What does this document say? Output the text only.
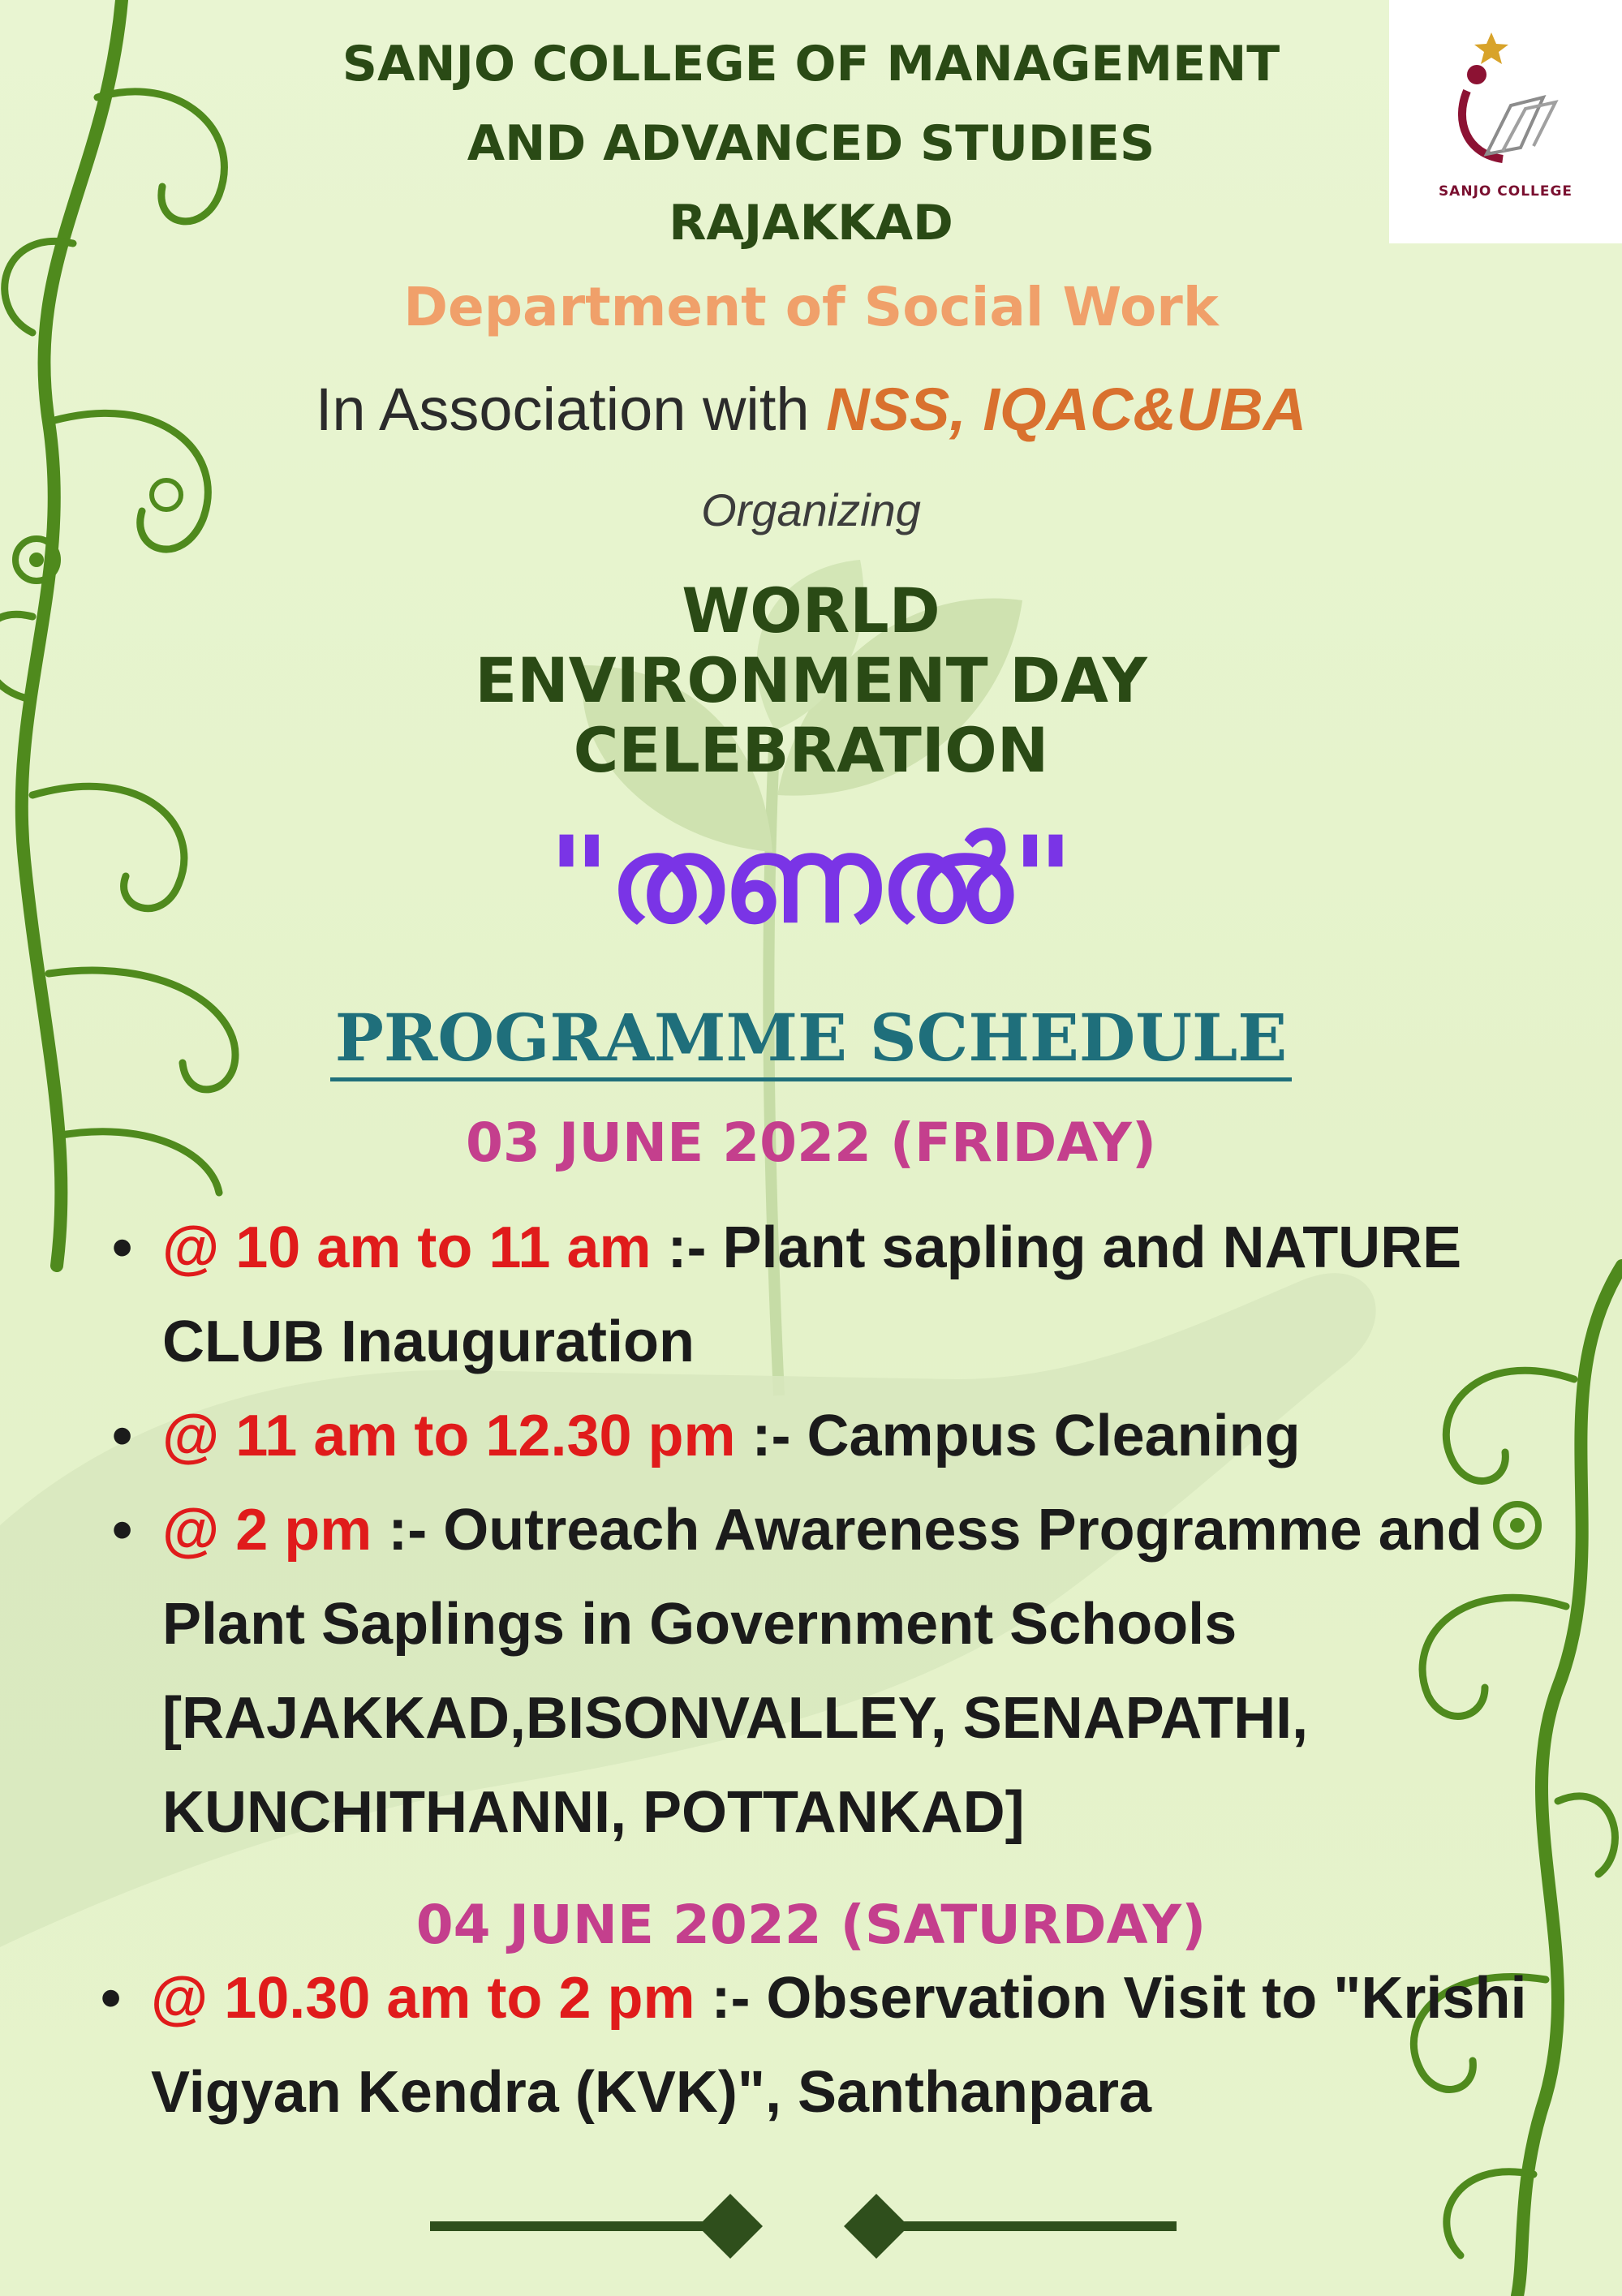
SANJO COLLEGE

SANJO COLLEGE OF MANAGEMENT

AND ADVANCED STUDIES

RAJAKKAD

Department of Social Work

In Association with NSS, IQAC&UBA

Organizing

WORLD
ENVIRONMENT DAY
CELEBRATION

"തണൽ"

PROGRAMME SCHEDULE

03 JUNE 2022 (FRIDAY)

• @ 10 am to 11 am :- Plant sapling and NATURE CLUB Inauguration
• @ 11 am to 12.30 pm :- Campus Cleaning
• @ 2 pm :- Outreach Awareness Programme and Plant Saplings in Government Schools [RAJAKKAD,BISONVALLEY, SENAPATHI, KUNCHITHANNI, POTTANKAD]

04 JUNE 2022 (SATURDAY)

• @ 10.30 am to 2 pm :- Observation Visit to "Krishi Vigyan Kendra (KVK)", Santhanpara
